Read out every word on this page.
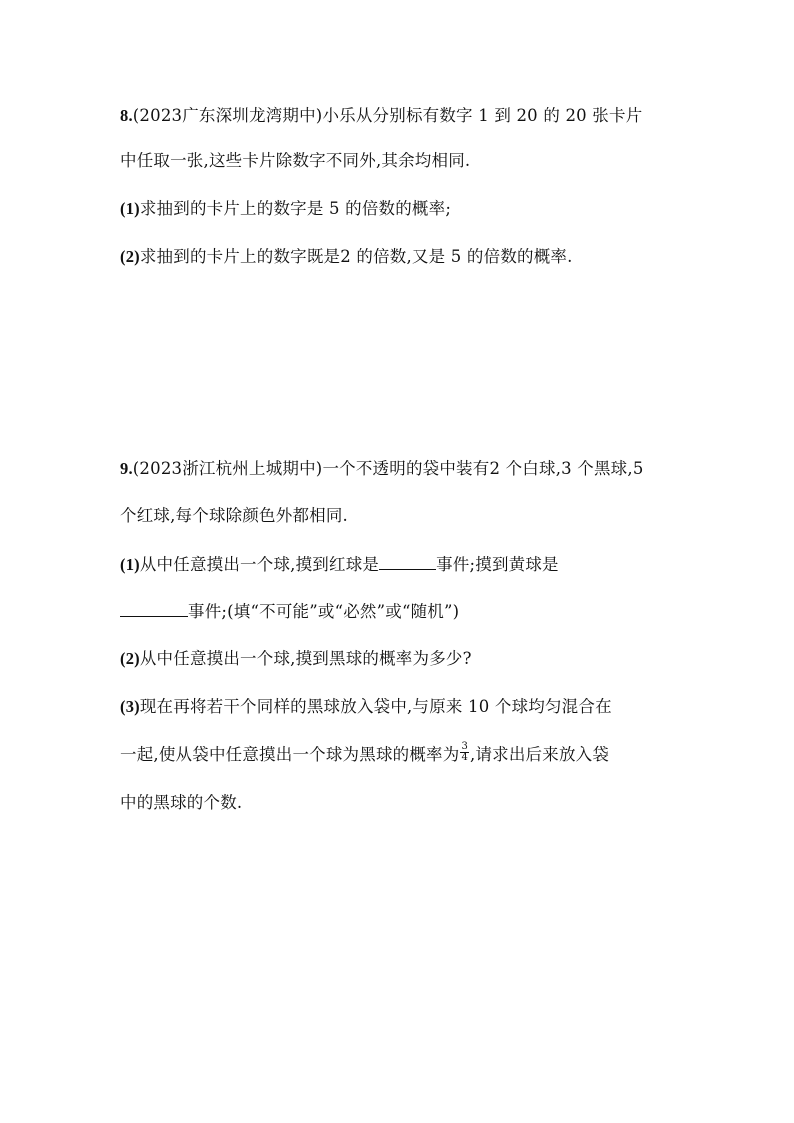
8.(2023广东深圳龙湾期中)小乐从分别标有数字 1 到 20 的 20 张卡片
中任取一张,这些卡片除数字不同外,其余均相同.
(1)求抽到的卡片上的数字是 5 的倍数的概率;
(2)求抽到的卡片上的数字既是2 的倍数,又是 5 的倍数的概率.
9.(2023浙江杭州上城期中)一个不透明的袋中装有2 个白球,3 个黑球,5
个红球,每个球除颜色外都相同.
(1)从中任意摸出一个球,摸到红球是	事件;摸到黄球是
事件;(填“不可能”或“必然”或“随机”)
(2)从中任意摸出一个球,摸到黑球的概率为多少?
(3)现在再将若干个同样的黑球放入袋中,与原来 10 个球均匀混合在
一起,使从袋中任意摸出一个球为黑球的概率为 $\frac{3}{4}$ ,请求出后来放入袋
中的黑球的个数.
